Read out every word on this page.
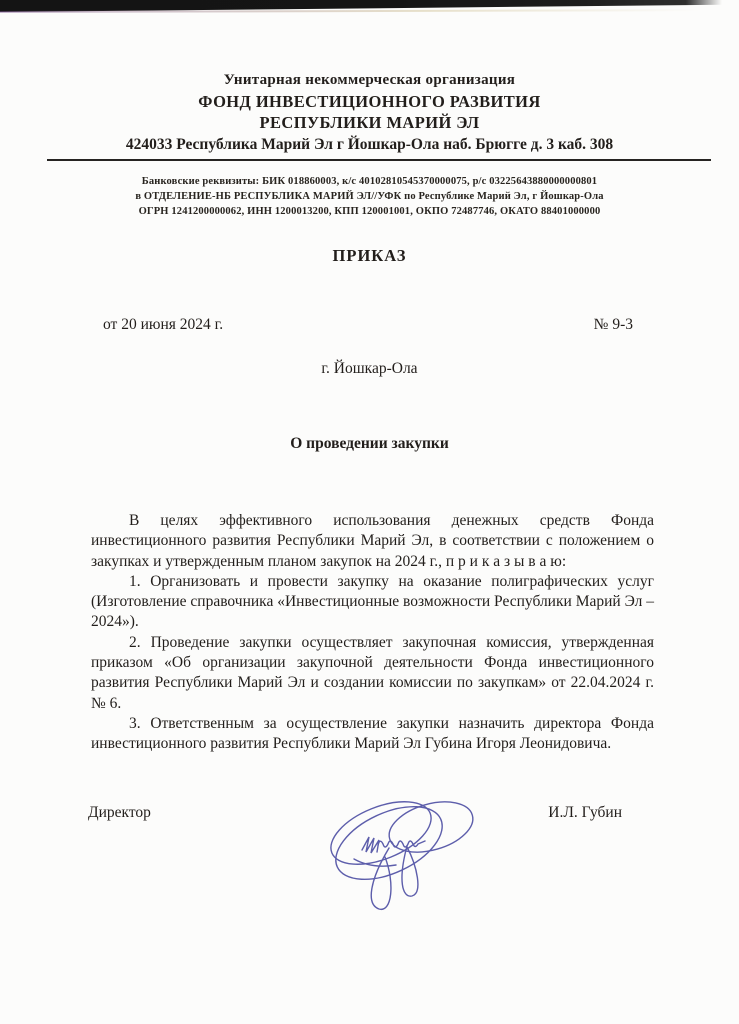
Унитарная некоммерческая организация
ФОНД ИНВЕСТИЦИОННОГО РАЗВИТИЯ
РЕСПУБЛИКИ МАРИЙ ЭЛ
424033 Республика Марий Эл г Йошкар-Ола наб. Брюгге д. 3 каб. 308
Банковские реквизиты: БИК 018860003, к/с 40102810545370000075, р/с 03225643880000000801
в ОТДЕЛЕНИЕ-НБ РЕСПУБЛИКА МАРИЙ ЭЛ//УФК по Республике Марий Эл, г Йошкар-Ола
ОГРН 1241200000062, ИНН 1200013200, КПП 120001001, ОКПО 72487746, ОКАТО 88401000000
ПРИКАЗ
от 20 июня 2024 г.	№ 9-3
г. Йошкар-Ола
О проведении закупки

В целях эффективного использования денежных средств Фонда инвестиционного развития Республики Марий Эл, в соответствии с положением о закупках и утвержденным планом закупок на 2024 г., п р и к а з ы в а ю:

1. Организовать и провести закупку на оказание полиграфических услуг (Изготовление справочника «Инвестиционные возможности Республики Марий Эл – 2024»).

2. Проведение закупки осуществляет закупочная комиссия, утвержденная приказом «Об организации закупочной деятельности Фонда инвестиционного развития Республики Марий Эл и создании комиссии по закупкам» от 22.04.2024 г. № 6.

3. Ответственным за осуществление закупки назначить директора Фонда инвестиционного развития Республики Марий Эл Губина Игоря Леонидовича.

Директор	И.Л. Губин
